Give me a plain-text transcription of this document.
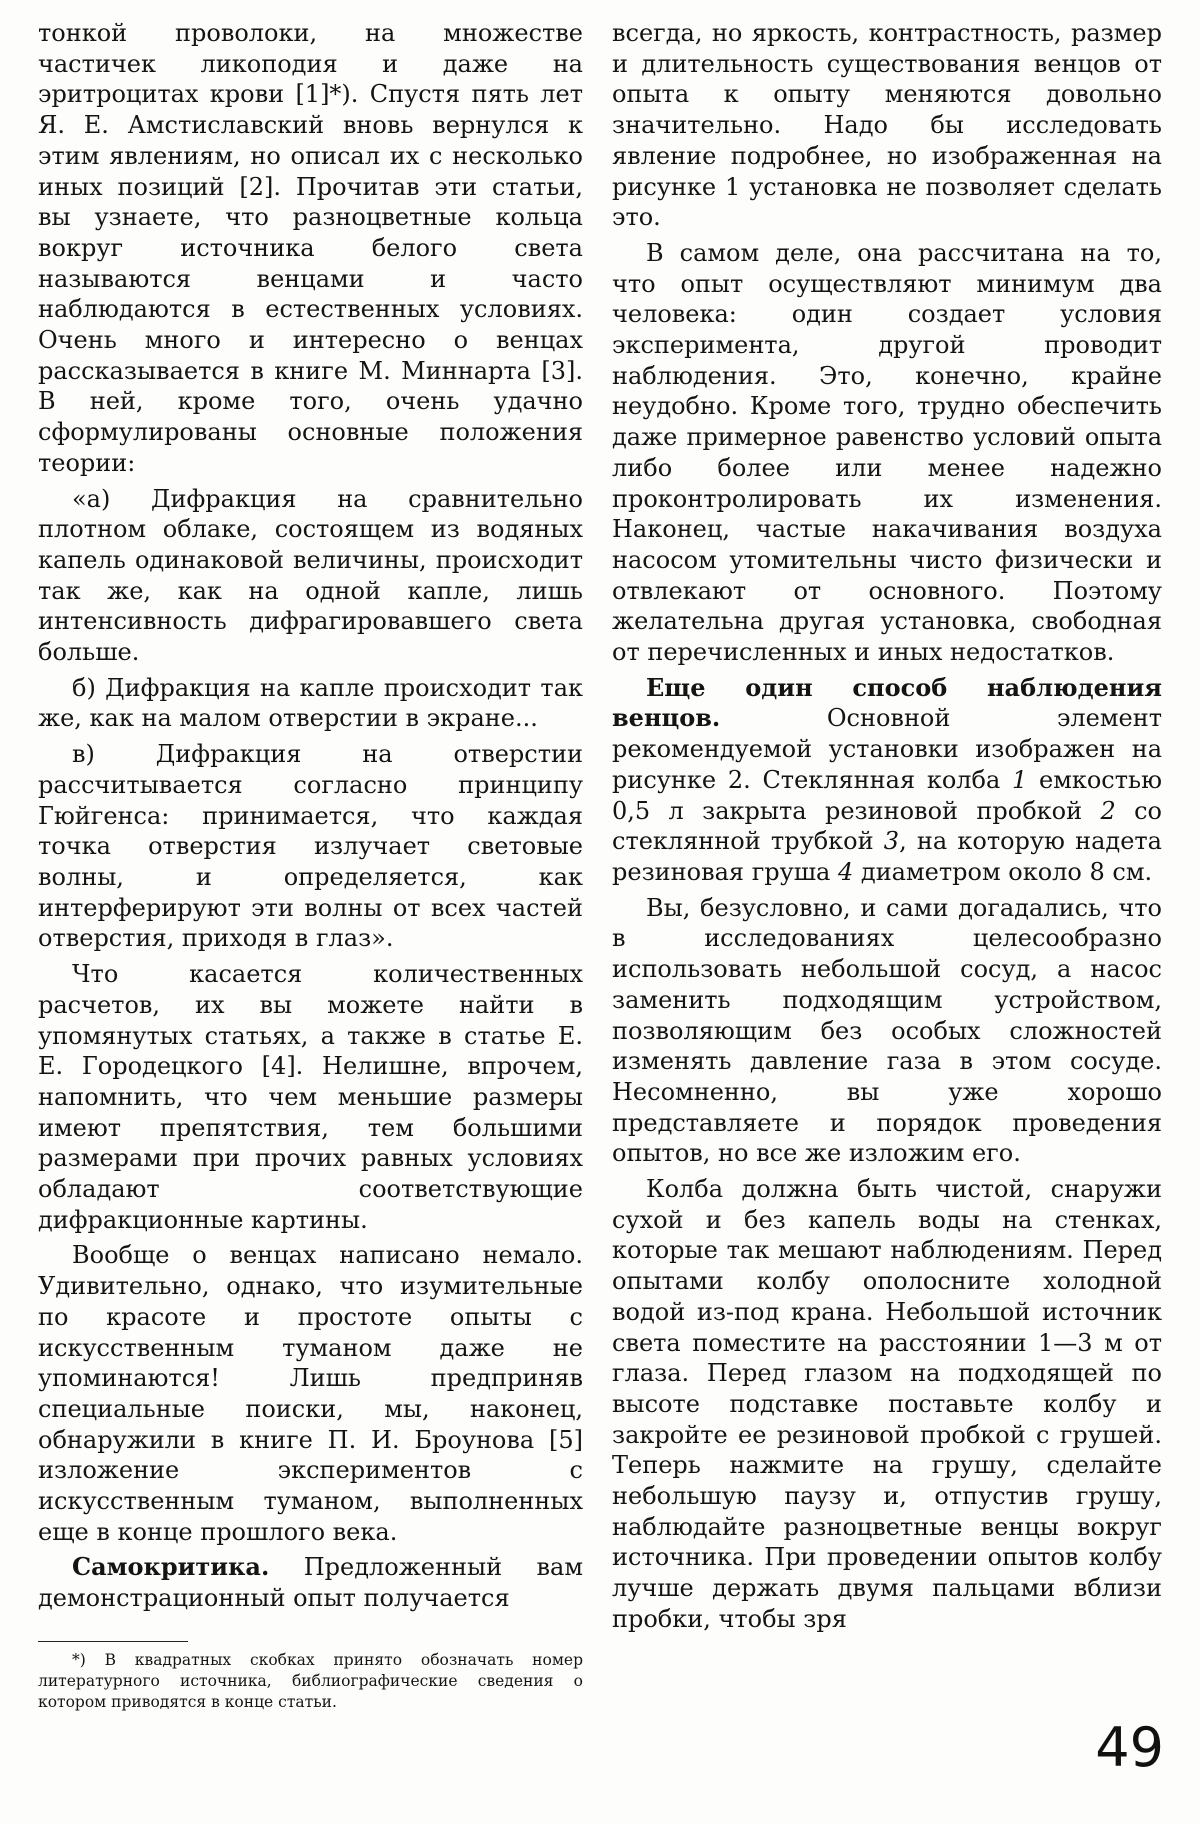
тонкой проволоки, на множестве частичек ликоподия и даже на эритроцитах крови [1]*). Спустя пять лет Я. Е. Амстиславский вновь вернулся к этим явлениям, но описал их с несколько иных позиций [2]. Прочитав эти статьи, вы узнаете, что разноцветные кольца вокруг источника белого света называются венцами и часто наблюдаются в естественных условиях. Очень много и интересно о венцах рассказывается в книге М. Миннарта [3]. В ней, кроме того, очень удачно сформулированы основные положения теории:

«а) Дифракция на сравнительно плотном облаке, состоящем из водяных капель одинаковой величины, происходит так же, как на одной капле, лишь интенсивность дифрагировавшего света больше.

б) Дифракция на капле происходит так же, как на малом отверстии в экране...

в) Дифракция на отверстии рассчитывается согласно принципу Гюйгенса: принимается, что каждая точка отверстия излучает световые волны, и определяется, как интерферируют эти волны от всех частей отверстия, приходя в глаз».

Что касается количественных расчетов, их вы можете найти в упомянутых статьях, а также в статье Е. Е. Городецкого [4]. Нелишне, впрочем, напомнить, что чем меньшие размеры имеют препятствия, тем большими размерами при прочих равных условиях обладают соответствующие дифракционные картины.

Вообще о венцах написано немало. Удивительно, однако, что изумительные по красоте и простоте опыты с искусственным туманом даже не упоминаются! Лишь предприняв специальные поиски, мы, наконец, обнаружили в книге П. И. Броунова [5] изложение экспериментов с искусственным туманом, выполненных еще в конце прошлого века.

Самокритика. Предложенный вам демонстрационный опыт получается

*) В квадратных скобках принято обозначать номер литературного источника, библиографические сведения о котором приводятся в конце статьи.

всегда, но яркость, контрастность, размер и длительность существования венцов от опыта к опыту меняются довольно значительно. Надо бы исследовать явление подробнее, но изображенная на рисунке 1 установка не позволяет сделать это.

В самом деле, она рассчитана на то, что опыт осуществляют минимум два человека: один создает условия эксперимента, другой проводит наблюдения. Это, конечно, крайне неудобно. Кроме того, трудно обеспечить даже примерное равенство условий опыта либо более или менее надежно проконтролировать их изменения. Наконец, частые накачивания воздуха насосом утомительны чисто физически и отвлекают от основного. Поэтому желательна другая установка, свободная от перечисленных и иных недостатков.

Еще один способ наблюдения венцов. Основной элемент рекомендуемой установки изображен на рисунке 2. Стеклянная колба 1 емкостью 0,5 л закрыта резиновой пробкой 2 со стеклянной трубкой 3, на которую надета резиновая груша 4 диаметром около 8 см.

Вы, безусловно, и сами догадались, что в исследованиях целесообразно использовать небольшой сосуд, а насос заменить подходящим устройством, позволяющим без особых сложностей изменять давление газа в этом сосуде. Несомненно, вы уже хорошо представляете и порядок проведения опытов, но все же изложим его.

Колба должна быть чистой, снаружи сухой и без капель воды на стенках, которые так мешают наблюдениям. Перед опытами колбу ополосните холодной водой из-под крана. Небольшой источник света поместите на расстоянии 1—3 м от глаза. Перед глазом на подходящей по высоте подставке поставьте колбу и закройте ее резиновой пробкой с грушей. Теперь нажмите на грушу, сделайте небольшую паузу и, отпустив грушу, наблюдайте разноцветные венцы вокруг источника. При проведении опытов колбу лучше держать двумя пальцами вблизи пробки, чтобы зря

49
